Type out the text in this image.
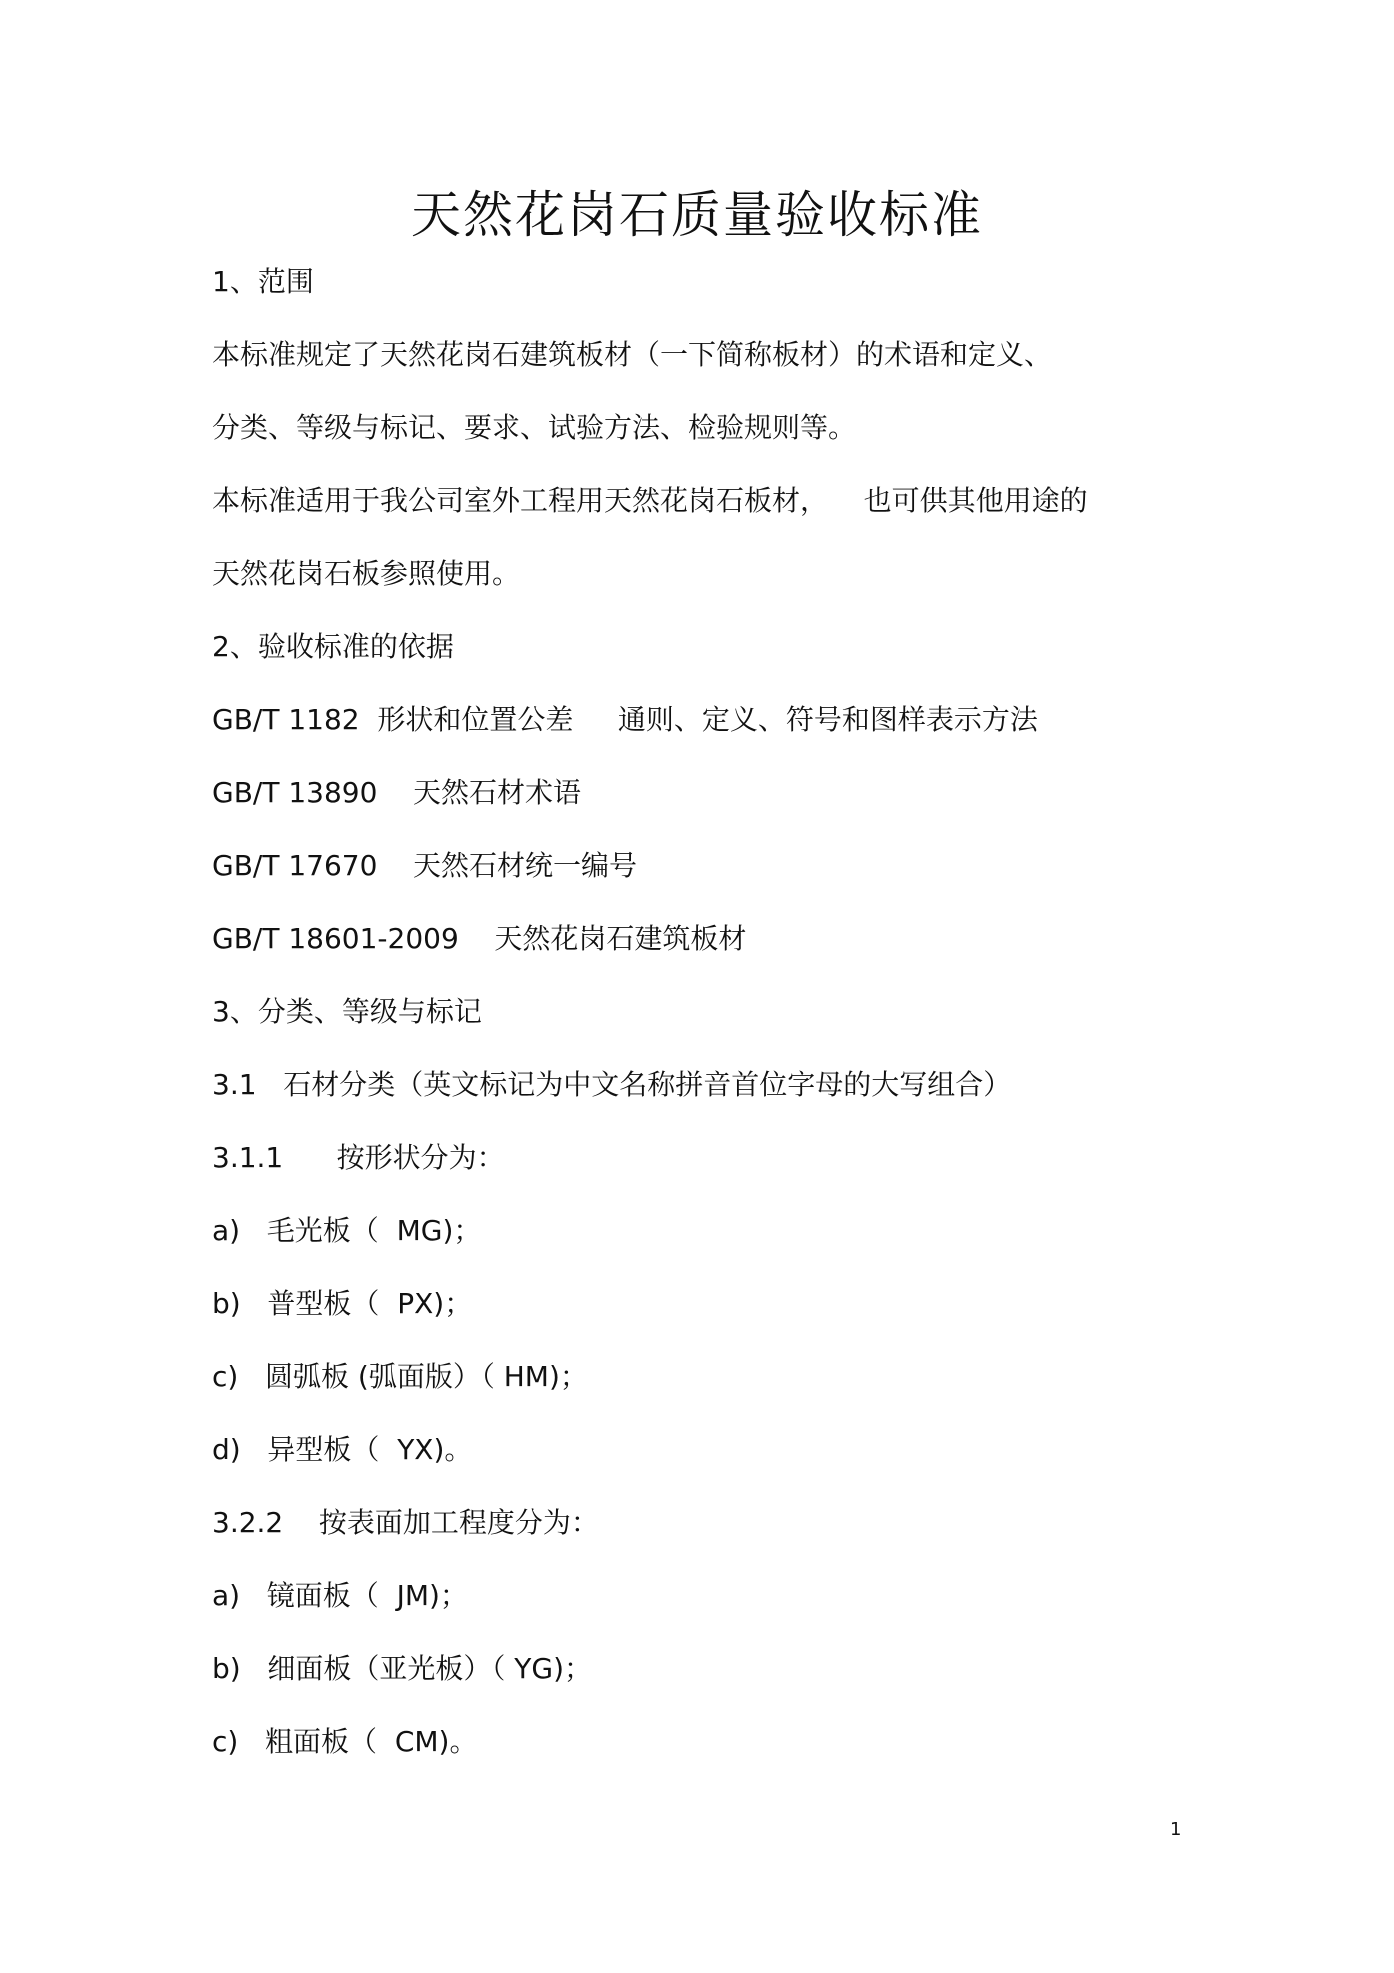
天然花岗石质量验收标准

1、范围

本标准规定了天然花岗石建筑板材（一下简称板材）的术语和定义、

分类、等级与标记、要求、试验方法、检验规则等。

本标准适用于我公司室外工程用天然花岗石板材，    也可供其他用途的

天然花岗石板参照使用。

2、验收标准的依据

GB/T 1182  形状和位置公差     通则、定义、符号和图样表示方法

GB/T 13890    天然石材术语

GB/T 17670    天然石材统一编号

GB/T 18601-2009    天然花岗石建筑板材

3、分类、等级与标记

3.1   石材分类（英文标记为中文名称拼音首位字母的大写组合）

3.1.1      按形状分为：

a)   毛光板（  MG)；

b)   普型板（  PX)；

c)   圆弧板 (弧面版）（ HM)；

d)   异型板（  YX)。

3.2.2    按表面加工程度分为：

a)   镜面板（  JM)；

b)   细面板（亚光板）（ YG)；

c)   粗面板（  CM)。

1
